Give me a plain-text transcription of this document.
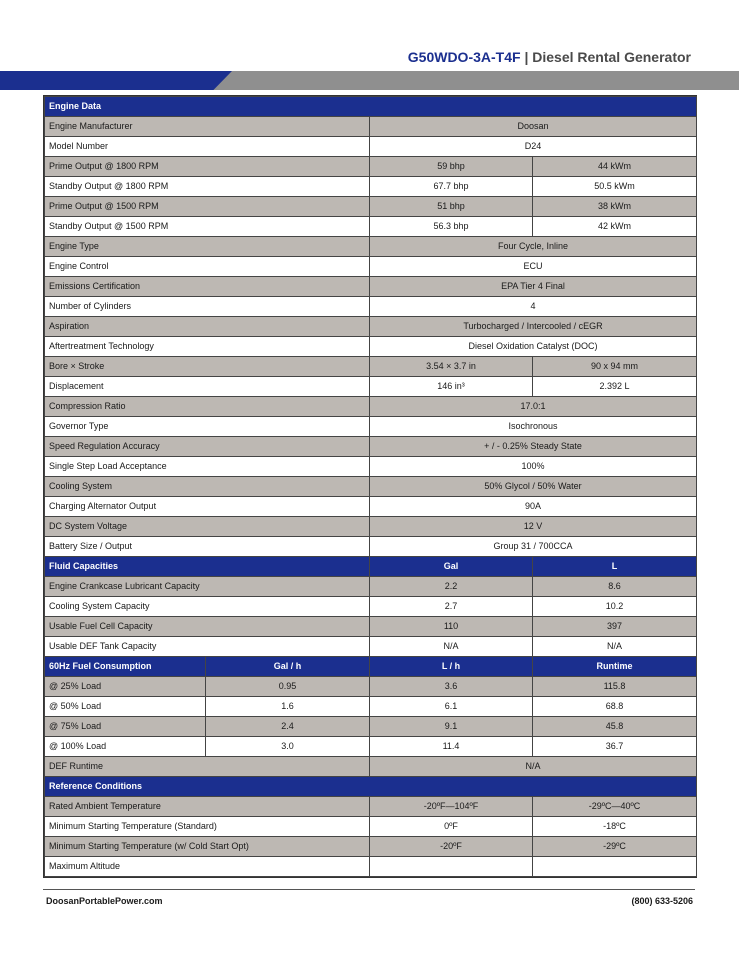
G50WDO-3A-T4F | Diesel Rental Generator
Engine Data			
Engine Manufacturer		Doosan	
Model Number		D24	
Prime Output @ 1800 RPM		59 bhp	44 kWm
Standby Output @ 1800 RPM		67.7 bhp	50.5 kWm
Prime Output @ 1500 RPM		51 bhp	38 kWm
Standby Output @ 1500 RPM		56.3 bhp	42 kWm
Engine Type		Four Cycle, Inline	
Engine Control		ECU	
Emissions Certification		EPA Tier 4 Final	
Number of Cylinders		4	
Aspiration		Turbocharged / Intercooled / cEGR	
Aftertreatment Technology		Diesel Oxidation Catalyst (DOC)	
Bore × Stroke		3.54 × 3.7 in	90 x 94 mm
Displacement		146 in³	2.392 L
Compression Ratio		17.0:1	
Governor Type		Isochronous	
Speed Regulation Accuracy		+ / - 0.25% Steady State	
Single Step Load Acceptance		100%	
Cooling System		50% Glycol / 50% Water	
Charging Alternator Output		90A	
DC System Voltage		12 V	
Battery Size / Output		Group 31 / 700CCA	
Fluid Capacities		Gal	L
Engine Crankcase Lubricant Capacity		2.2	8.6
Cooling System Capacity		2.7	10.2
Usable Fuel Cell Capacity		110	397
Usable DEF Tank Capacity		N/A	N/A
60Hz Fuel Consumption	Gal / h	L / h	Runtime
@ 25% Load	0.95	3.6	115.8
@ 50% Load	1.6	6.1	68.8
@ 75% Load	2.4	9.1	45.8
@ 100% Load	3.0	11.4	36.7
DEF Runtime		N/A	
Reference Conditions			
Rated Ambient Temperature		-20ºF—104ºF	-29ºC—40ºC
Minimum Starting Temperature (Standard)		0ºF	-18ºC
Minimum Starting Temperature (w/ Cold Start Opt)		-20ºF	-29ºC
Maximum Altitude			
DoosanPortablePower.com	(800) 633-5206
